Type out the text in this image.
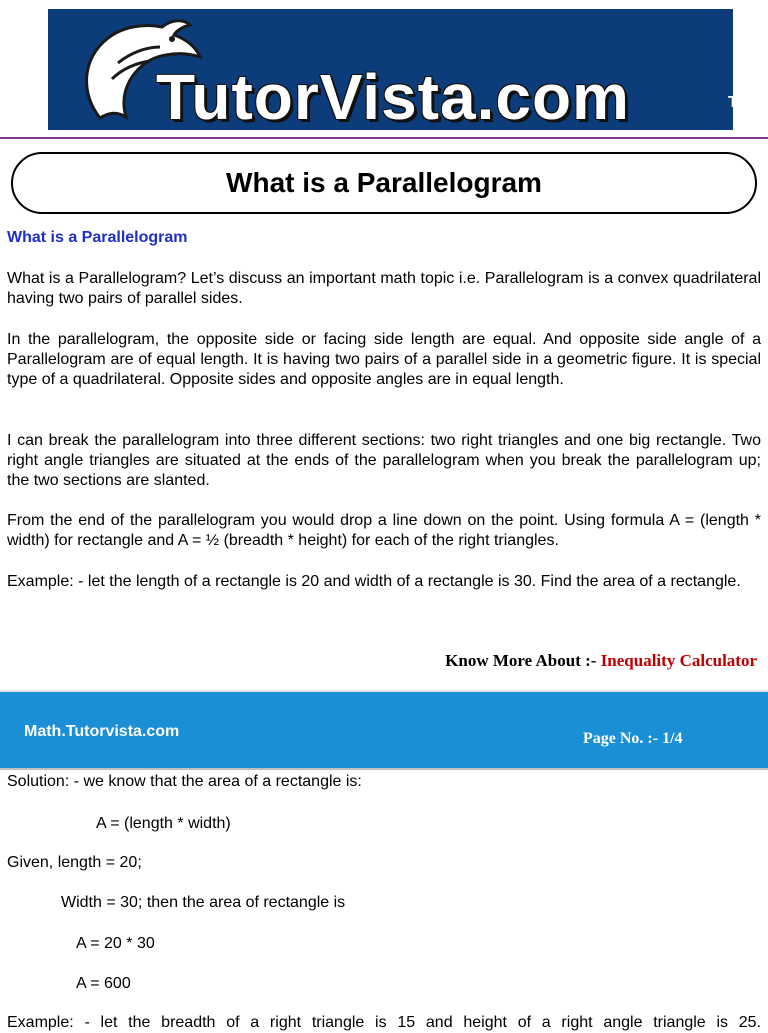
TutorVista.com	TM
What is a Parallelogram
What is a Parallelogram

What is a Parallelogram? Let’s discuss an important math topic i.e. Parallelogram is a convex quadrilateral having two pairs of parallel sides.

In the parallelogram, the opposite side or facing side length are equal. And opposite side angle of a Parallelogram are of equal length. It is having two pairs of a parallel side in a geometric figure. It is special type of a quadrilateral. Opposite sides and opposite angles are in equal length.

I can break the parallelogram into three different sections: two right triangles and one big rectangle. Two right angle triangles are situated at the ends of the parallelogram when you break the parallelogram up; the two sections are slanted.

From the end of the parallelogram you would drop a line down on the point. Using formula A = (length * width) for rectangle and A = ½ (breadth * height) for each of the right triangles.

Example: - let the length of a rectangle is 20 and width of a rectangle is 30. Find the area of a rectangle.

Know More About :- Inequality Calculator
Math.Tutorvista.com	Page No. :- 1/4
Solution: - we know that the area of a rectangle is:
A = (length * width)
Given, length = 20;
Width = 30; then the area of rectangle is
A = 20 * 30
A = 600
Example: - let the breadth of a right triangle is 15 and height of a right angle triangle is 25.
